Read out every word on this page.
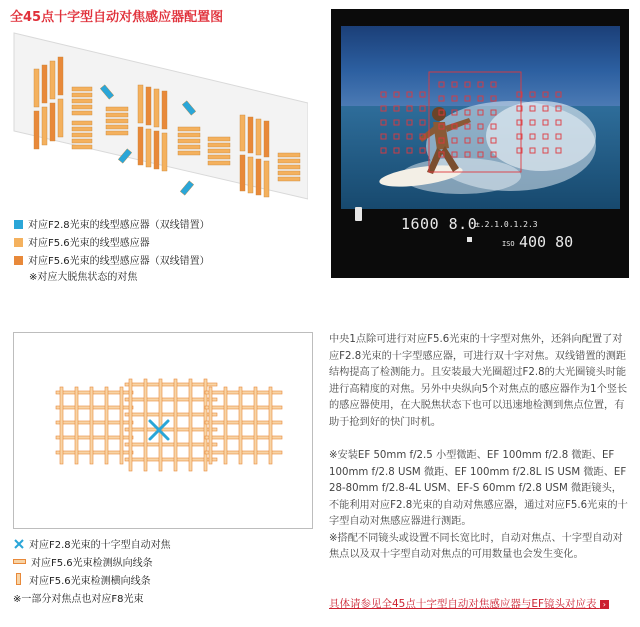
全45点十字型自动对焦感应器配置图
对应F2.8光束的线型感应器（双线错置）
对应F5.6光束的线型感应器
对应F5.6光束的线型感应器（双线错置）
※对应大脱焦状态的对焦
1600 8.0
±.2.1.0.1.2.3
ISO 400 80
对应F2.8光束的十字型自动对焦
对应F5.6光束检测纵向线条
对应F5.6光束检测横向线条
※一部分对焦点也对应F8光束

中央1点除可进行对应F5.6光束的十字型对焦外，还斜向配置了对应F2.8光束的十字型感应器，可进行双十字对焦。双线错置的测距结构提高了检测能力。且安装最大光圈超过F2.8的大光圈镜头时能进行高精度的对焦。另外中央纵向5个对焦点的感应器作为1个竖长的感应器使用，在大脱焦状态下也可以迅速地检测到焦点位置，有助于抢到好的快门时机。

※安装EF 50mm f/2.5 小型微距、EF 100mm f/2.8 微距、EF 100mm f/2.8 USM 微距、EF 100mm f/2.8L IS USM 微距、EF 28-80mm f/2.8-4L USM、EF-S 60mm f/2.8 USM 微距镜头，不能利用对应F2.8光束的自动对焦感应器，通过对应F5.6光束的十字型自动对焦感应器进行测距。

※搭配不同镜头或设置不同长宽比时，自动对焦点、十字型自动对焦点以及双十字型自动对焦点的可用数量也会发生变化。

具体请参见全45点十字型自动对焦感应器与EF镜头对应表 ›
